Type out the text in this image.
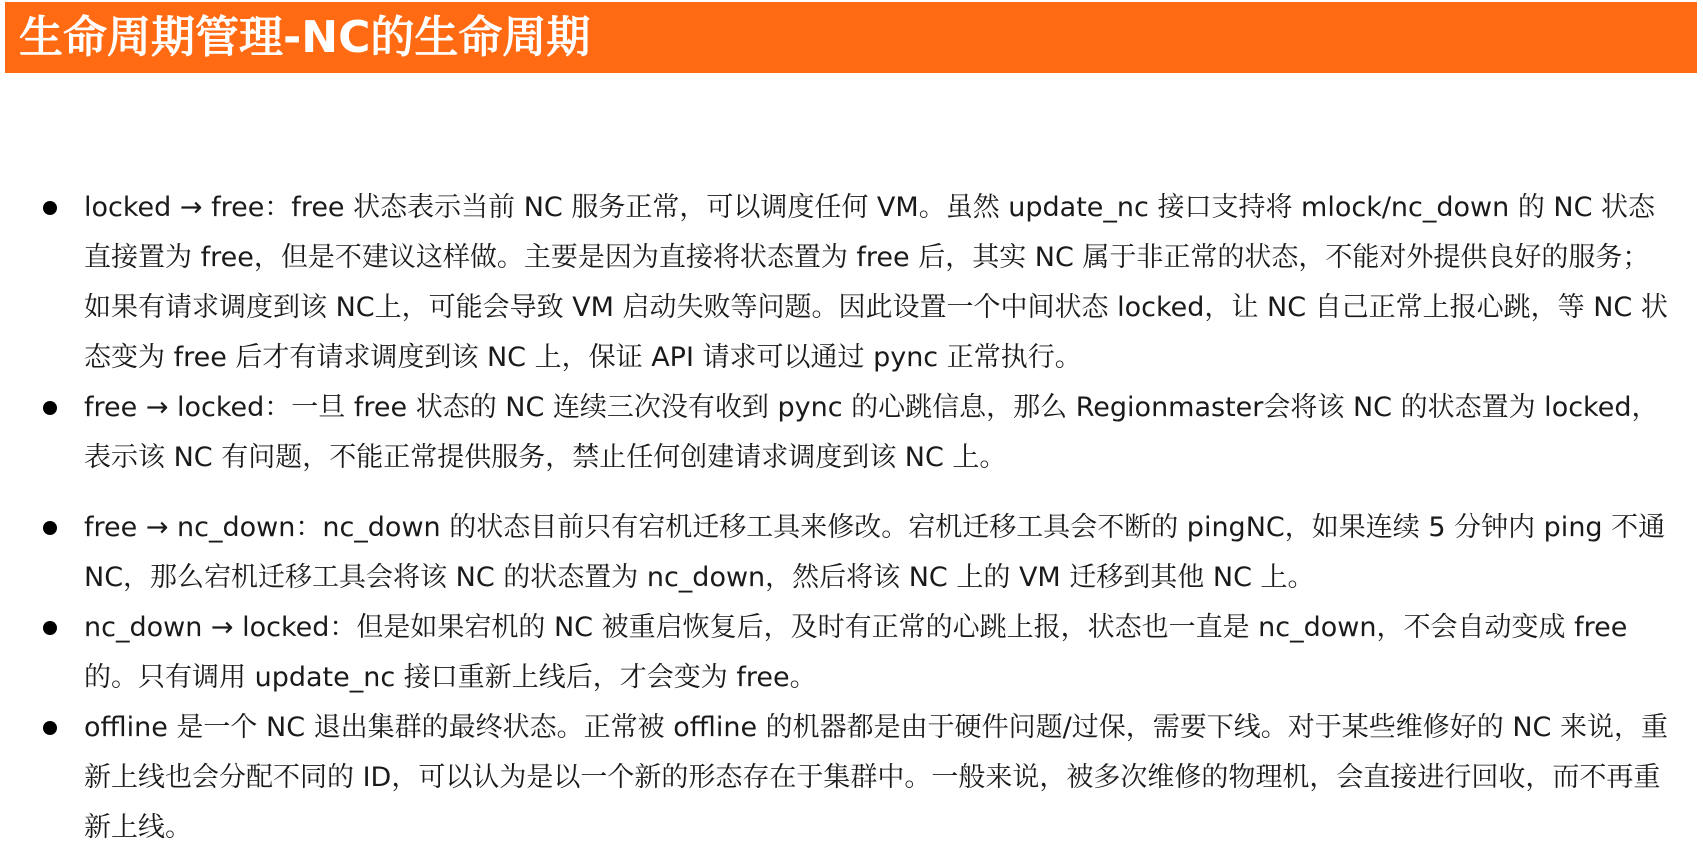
生命周期管理-NC的生命周期
locked → free：free 状态表示当前 NC 服务正常，可以调度任何 VM。虽然 update_nc 接口支持将 mlock/nc_down 的 NC 状态直接置为 free，但是不建议这样做。主要是因为直接将状态置为 free 后，其实 NC 属于非正常的状态，不能对外提供良好的服务；如果有请求调度到该 NC上，可能会导致 VM 启动失败等问题。因此设置一个中间状态 locked，让 NC 自己正常上报心跳，等 NC 状态变为 free 后才有请求调度到该 NC 上，保证 API 请求可以通过 pync 正常执行。
free → locked：一旦 free 状态的 NC 连续三次没有收到 pync 的心跳信息，那么 Regionmaster会将该 NC 的状态置为 locked，表示该 NC 有问题，不能正常提供服务，禁止任何创建请求调度到该 NC 上。
free → nc_down：nc_down 的状态目前只有宕机迁移工具来修改。宕机迁移工具会不断的 pingNC，如果连续 5 分钟内 ping 不通 NC，那么宕机迁移工具会将该 NC 的状态置为 nc_down，然后将该 NC 上的 VM 迁移到其他 NC 上。
nc_down → locked：但是如果宕机的 NC 被重启恢复后，及时有正常的心跳上报，状态也一直是 nc_down，不会自动变成 free 的。只有调用 update_nc 接口重新上线后，才会变为 free。
offline 是一个 NC 退出集群的最终状态。正常被 offline 的机器都是由于硬件问题/过保，需要下线。对于某些维修好的 NC 来说，重新上线也会分配不同的 ID，可以认为是以一个新的形态存在于集群中。一般来说，被多次维修的物理机，会直接进行回收，而不再重新上线。
